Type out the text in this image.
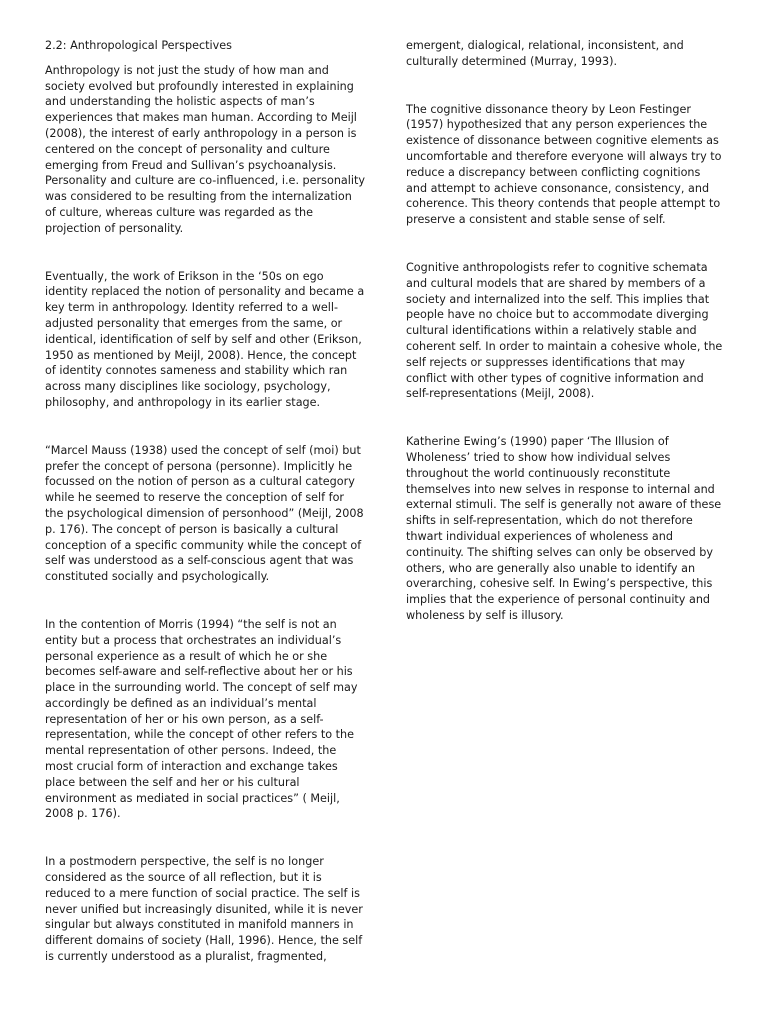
2.2: Anthropological Perspectives

Anthropology is not just the study of how man and society evolved but profoundly interested in explaining and understanding the holistic aspects of man’s experiences that makes man human. According to Meijl (2008), the interest of early anthropology in a person is centered on the concept of personality and culture emerging from Freud and Sullivan’s psychoanalysis. Personality and culture are co-influenced, i.e. personality was considered to be resulting from the internalization of culture, whereas culture was regarded as the projection of personality.

Eventually, the work of Erikson in the ‘50s on ego identity replaced the notion of personality and became a key term in anthropology. Identity referred to a well-adjusted personality that emerges from the same, or identical, identification of self by self and other (Erikson, 1950 as mentioned by Meijl, 2008). Hence, the concept of identity connotes sameness and stability which ran across many disciplines like sociology, psychology, philosophy, and anthropology in its earlier stage.

“Marcel Mauss (1938) used the concept of self (moi) but prefer the concept of persona (personne). Implicitly he focussed on the notion of person as a cultural category while he seemed to reserve the conception of self for the psychological dimension of personhood” (Meijl, 2008 p. 176). The concept of person is basically a cultural conception of a specific community while the concept of self was understood as a self-conscious agent that was constituted socially and psychologically.

In the contention of Morris (1994) “the self is not an entity but a process that orchestrates an individual’s personal experience as a result of which he or she becomes self-aware and self-reflective about her or his place in the surrounding world. The concept of self may accordingly be defined as an individual’s mental representation of her or his own person, as a self-representation, while the concept of other refers to the mental representation of other persons. Indeed, the most crucial form of interaction and exchange takes place between the self and her or his cultural environment as mediated in social practices” ( Meijl, 2008 p. 176).

In a postmodern perspective, the self is no longer considered as the source of all reflection, but it is reduced to a mere function of social practice. The self is never unified but increasingly disunited, while it is never singular but always constituted in manifold manners in different domains of society (Hall, 1996). Hence, the self is currently understood as a pluralist, fragmented,

emergent, dialogical, relational, inconsistent, and culturally determined (Murray, 1993).

The cognitive dissonance theory by Leon Festinger (1957) hypothesized that any person experiences the existence of dissonance between cognitive elements as uncomfortable and therefore everyone will always try to reduce a discrepancy between conflicting cognitions and attempt to achieve consonance, consistency, and coherence. This theory contends that people attempt to preserve a consistent and stable sense of self.

Cognitive anthropologists refer to cognitive schemata and cultural models that are shared by members of a society and internalized into the self. This implies that people have no choice but to accommodate diverging cultural identifications within a relatively stable and coherent self. In order to maintain a cohesive whole, the self rejects or suppresses identifications that may conflict with other types of cognitive information and self-representations (Meijl, 2008).

Katherine Ewing’s (1990) paper ‘The Illusion of Wholeness’ tried to show how individual selves throughout the world continuously reconstitute themselves into new selves in response to internal and external stimuli. The self is generally not aware of these shifts in self-representation, which do not therefore thwart individual experiences of wholeness and continuity. The shifting selves can only be observed by others, who are generally also unable to identify an overarching, cohesive self. In Ewing’s perspective, this implies that the experience of personal continuity and wholeness by self is illusory.
